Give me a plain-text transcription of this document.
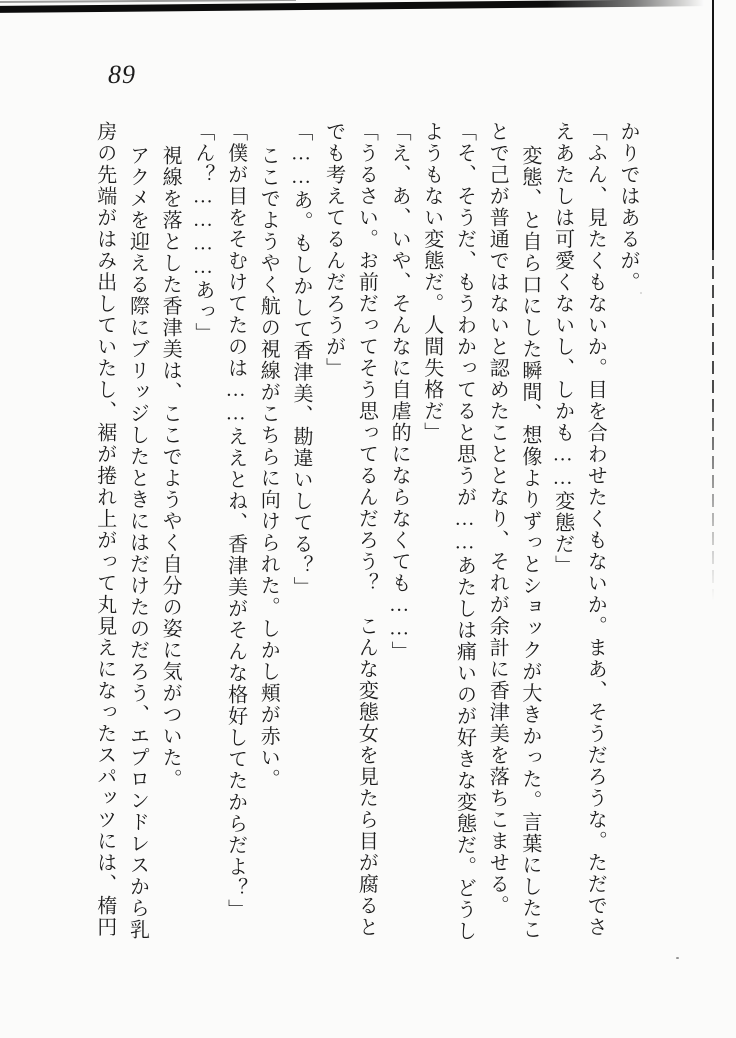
89
かりではあるが。
「ふん、見たくもないか。目を合わせたくもないか。まあ、そうだろうな。ただでさ
えあたしは可愛くないし、しかも……変態だ」
変態、と自ら口にした瞬間、想像よりずっとショックが大きかった。言葉にしたこ
とで己が普通ではないと認めたこととなり、それが余計に香津美を落ちこませる。
「そ、そうだ、もうわかってると思うが……あたしは痛いのが好きな変態だ。どうし
ようもない変態だ。人間失格だ」
「え、あ、いや、そんなに自虐的にならなくても……」
「うるさい。お前だってそう思ってるんだろう？　こんな変態女を見たら目が腐ると
でも考えてるんだろうが」
「……あ。もしかして香津美、勘違いしてる？」
ここでようやく航の視線がこちらに向けられた。しかし頬が赤い。
「僕が目をそむけてたのは……ええとね、香津美がそんな格好してたからだよ？」
「ん？…………あっ」
視線を落とした香津美は、ここでようやく自分の姿に気がついた。
アクメを迎える際にブリッジしたときにはだけたのだろう、エプロンドレスから乳
房の先端がはみ出していたし、裾が捲れ上がって丸見えになったスパッツには、楕円
